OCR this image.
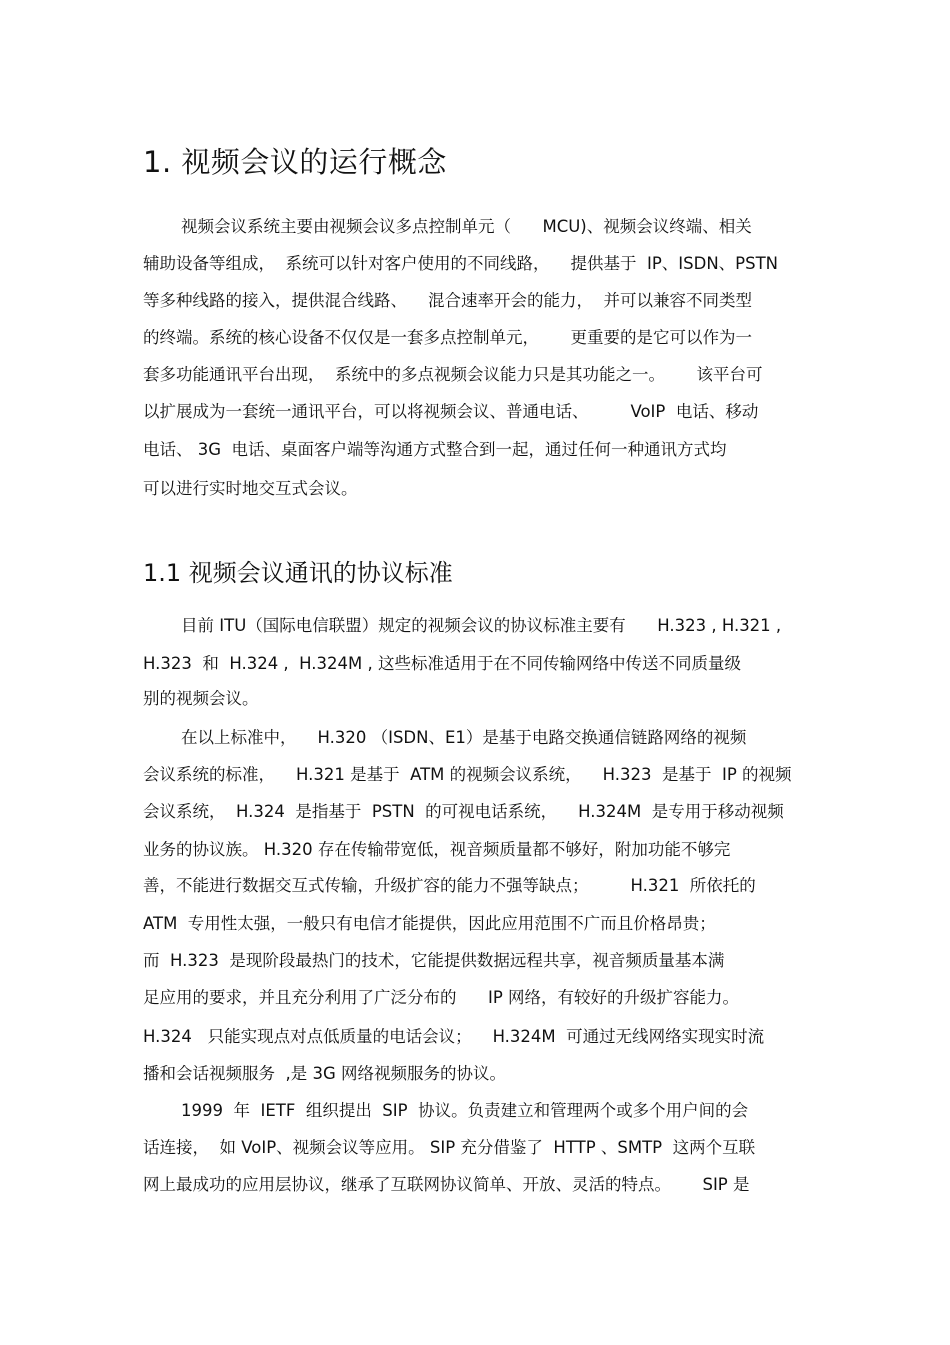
1. 视频会议的运行概念
视频会议系统主要由视频会议多点控制单元（      MCU)、视频会议终端、相关
辅助设备等组成，  系统可以针对客户使用的不同线路，    提供基于  IP、ISDN、PSTN
等多种线路的接入，提供混合线路、    混合速率开会的能力，  并可以兼容不同类型
的终端。系统的核心设备不仅仅是一套多点控制单元，      更重要的是它可以作为一
套多功能通讯平台出现，  系统中的多点视频会议能力只是其功能之一。      该平台可
以扩展成为一套统一通讯平台，可以将视频会议、普通电话、        VoIP  电话、移动
电话、 3G  电话、桌面客户端等沟通方式整合到一起，通过任何一种通讯方式均
可以进行实时地交互式会议。
1.1 视频会议通讯的协议标准
目前 ITU（国际电信联盟）规定的视频会议的协议标准主要有      H.323 , H.321 ,
H.323  和  H.324 ,  H.324M , 这些标准适用于在不同传输网络中传送不同质量级
别的视频会议。
在以上标准中，    H.320 （ISDN、E1）是基于电路交换通信链路网络的视频
会议系统的标准，    H.321 是基于  ATM 的视频会议系统，    H.323  是基于  IP 的视频
会议系统，  H.324  是指基于  PSTN  的可视电话系统，    H.324M  是专用于移动视频
业务的协议族。 H.320 存在传输带宽低，视音频质量都不够好，附加功能不够完
善，不能进行数据交互式传输，升级扩容的能力不强等缺点；        H.321  所依托的
ATM  专用性太强，一般只有电信才能提供，因此应用范围不广而且价格昂贵；
而  H.323  是现阶段最热门的技术，它能提供数据远程共享，视音频质量基本满
足应用的要求，并且充分利用了广泛分布的      IP 网络，有较好的升级扩容能力。
H.324   只能实现点对点低质量的电话会议；    H.324M  可通过无线网络实现实时流
播和会话视频服务  ,是 3G 网络视频服务的协议。
1999  年  IETF  组织提出  SIP  协议。负责建立和管理两个或多个用户间的会
话连接，  如 VoIP、视频会议等应用。 SIP 充分借鉴了  HTTP 、SMTP  这两个互联
网上最成功的应用层协议，继承了互联网协议简单、开放、灵活的特点。      SIP 是
